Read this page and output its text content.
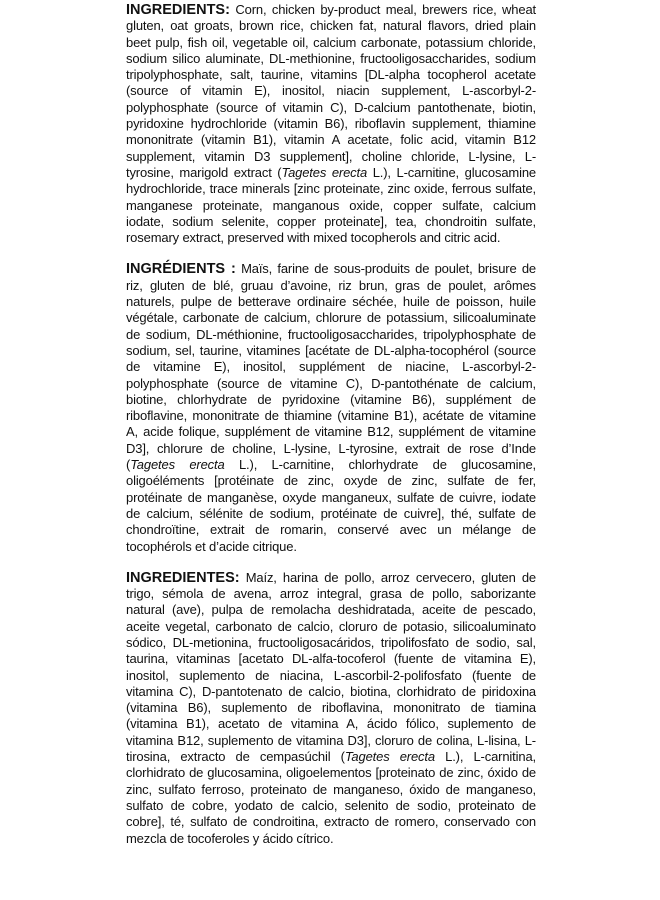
INGREDIENTS: Corn, chicken by-product meal, brewers rice, wheat gluten, oat groats, brown rice, chicken fat, natural flavors, dried plain beet pulp, fish oil, vegetable oil, calcium carbonate, potassium chloride, sodium silico aluminate, DL-methionine, fructooligosaccharides, sodium tripolyphosphate, salt, taurine, vitamins [DL-alpha tocopherol acetate (source of vitamin E), inositol, niacin supplement, L-ascorbyl-2-polyphosphate (source of vitamin C), D-calcium pantothenate, biotin, pyridoxine hydrochloride (vitamin B6), riboflavin supplement, thiamine mononitrate (vitamin B1), vitamin A acetate, folic acid, vitamin B12 supplement, vitamin D3 supplement], choline chloride, L-lysine, L-tyrosine, marigold extract (Tagetes erecta L.), L-carnitine, glucosamine hydrochloride, trace minerals [zinc proteinate, zinc oxide, ferrous sulfate, manganese proteinate, manganous oxide, copper sulfate, calcium iodate, sodium selenite, copper proteinate], tea, chondroitin sulfate, rosemary extract, preserved with mixed tocopherols and citric acid.

INGRÉDIENTS : Maïs, farine de sous-produits de poulet, brisure de riz, gluten de blé, gruau d’avoine, riz brun, gras de poulet, arômes naturels, pulpe de betterave ordinaire séchée, huile de poisson, huile végétale, carbonate de calcium, chlorure de potassium, silicoaluminate de sodium, DL-méthionine, fructooligosaccharides, tripolyphosphate de sodium, sel, taurine, vitamines [acétate de DL-alpha-tocophérol (source de vitamine E), inositol, supplément de niacine, L-ascorbyl-2-polyphosphate (source de vitamine C), D-pantothénate de calcium, biotine, chlorhydrate de pyridoxine (vitamine B6), supplément de riboflavine, mononitrate de thiamine (vitamine B1), acétate de vitamine A, acide folique, supplément de vitamine B12, supplément de vitamine D3], chlorure de choline, L-lysine, L-tyrosine, extrait de rose d’Inde (Tagetes erecta L.), L-carnitine, chlorhydrate de glucosamine, oligoéléments [protéinate de zinc, oxyde de zinc, sulfate de fer, protéinate de manganèse, oxyde manganeux, sulfate de cuivre, iodate de calcium, sélénite de sodium, protéinate de cuivre], thé, sulfate de chondroïtine, extrait de romarin, conservé avec un mélange de tocophérols et d’acide citrique.

INGREDIENTES: Maíz, harina de pollo, arroz cervecero, gluten de trigo, sémola de avena, arroz integral, grasa de pollo, saborizante natural (ave), pulpa de remolacha deshidratada, aceite de pescado, aceite vegetal, carbonato de calcio, cloruro de potasio, silicoaluminato sódico, DL-metionina, fructooligosacáridos, tripolifosfato de sodio, sal, taurina, vitaminas [acetato DL-alfa-tocoferol (fuente de vitamina E), inositol, suplemento de niacina, L-ascorbil-2-polifosfato (fuente de vitamina C), D-pantotenato de calcio, biotina, clorhidrato de piridoxina (vitamina B6), suplemento de riboflavina, mononitrato de tiamina (vitamina B1), acetato de vitamina A, ácido fólico, suplemento de vitamina B12, suplemento de vitamina D3], cloruro de colina, L-lisina, L-tirosina, extracto de cempasúchil (Tagetes erecta L.), L-carnitina, clorhidrato de glucosamina, oligoelementos [proteinato de zinc, óxido de zinc, sulfato ferroso, proteinato de manganeso, óxido de manganeso, sulfato de cobre, yodato de calcio, selenito de sodio, proteinato de cobre], té, sulfato de condroitina, extracto de romero, conservado con mezcla de tocoferoles y ácido cítrico.
